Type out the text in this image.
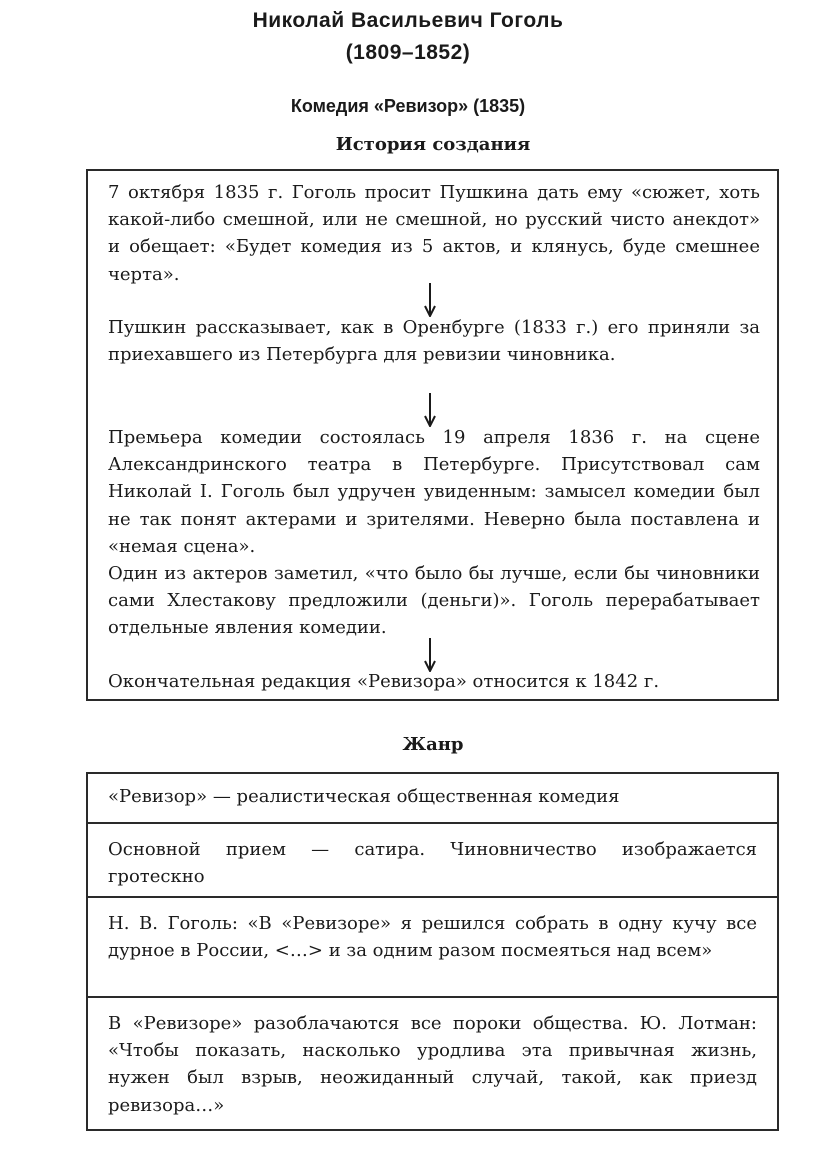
Николай Васильевич Гоголь
(1809–1852)
Комедия «Ревизор» (1835)
История создания

7 октября 1835 г. Гоголь просит Пушкина дать ему «сюжет, хоть какой-либо смешной, или не смешной, но русский чисто анекдот» и обещает: «Будет комедия из 5 актов, и клянусь, буде смешнее черта».

Пушкин рассказывает, как в Оренбурге (1833 г.) его приняли за приехавшего из Петербурга для ревизии чиновника.

Премьера комедии состоялась 19 апреля 1836 г. на сцене Александринского театра в Петербурге. Присутствовал сам Николай I. Гоголь был удручен увиденным: замысел комедии был не так понят актерами и зрителями. Неверно была поставлена и «немая сцена».
Один из актеров заметил, «что было бы лучше, если бы чиновники сами Хлестакову предложили (деньги)». Гоголь перерабатывает отдельные явления комедии.

Окончательная редакция «Ревизора» относится к 1842 г.

Жанр
«Ревизор» — реалистическая общественная комедия
Основной прием — сатира. Чиновничество изображается гротескно
Н. В. Гоголь: «В «Ревизоре» я решился собрать в одну кучу все дурное в России, <…> и за одним разом посмеяться над всем»
В «Ревизоре» разоблачаются все пороки общества. Ю. Лотман: «Чтобы показать, насколько уродлива эта привычная жизнь, нужен был взрыв, неожиданный случай, такой, как приезд ревизора…»
